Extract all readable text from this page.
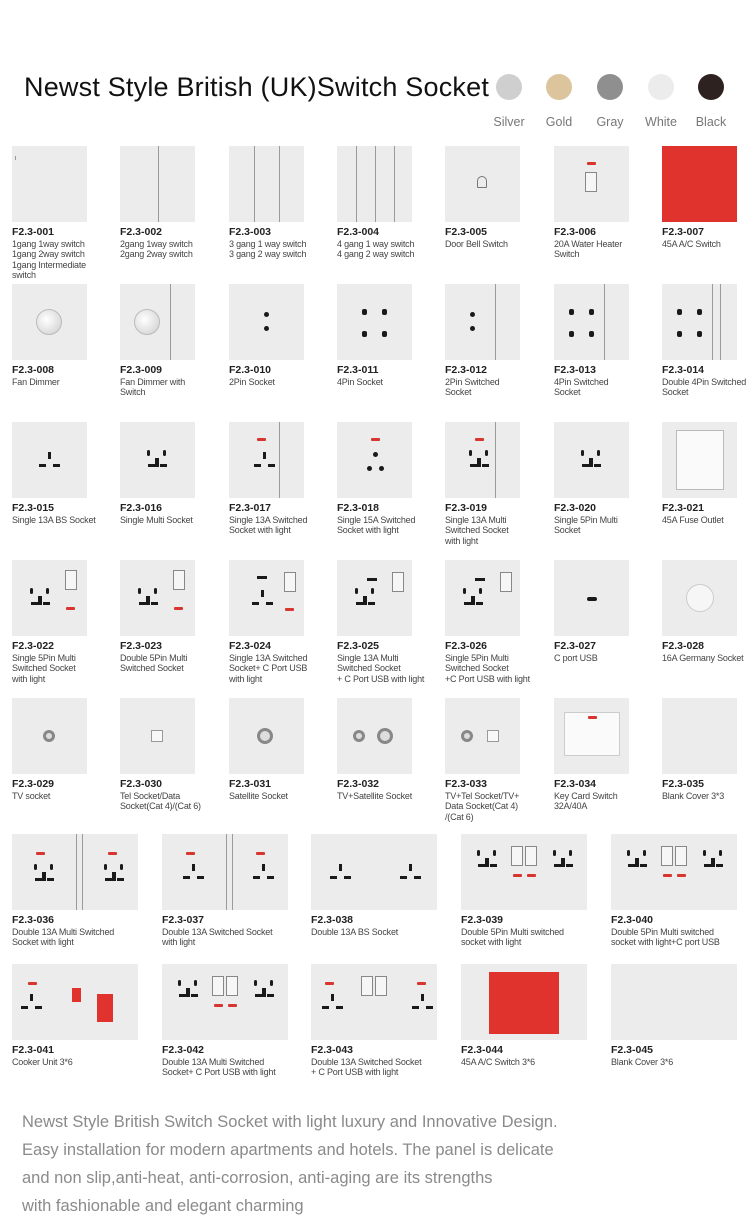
Newst Style British (UK)Switch Socket
Silver	Gold	Gray	White	Black
F2.3-001
1gang 1way switch
1gang 2way switch
1gang Intermediate
switch
F2.3-002
2gang 1way switch
2gang 2way switch
F2.3-003
3 gang 1 way switch
3 gang 2 way switch
F2.3-004
4 gang 1 way switch
4 gang 2 way switch
F2.3-005
Door Bell Switch
F2.3-006
20A Water Heater
Switch
F2.3-007
45A A/C Switch
F2.3-008
Fan Dimmer
F2.3-009
Fan Dimmer with
Switch
F2.3-010
2Pin Socket
F2.3-011
4Pin Socket
F2.3-012
2Pin Switched
Socket
F2.3-013
4Pin Switched
Socket
F2.3-014
Double 4Pin Switched
Socket
F2.3-015
Single 13A BS Socket
F2.3-016
Single Multi Socket
F2.3-017
Single 13A Switched
Socket with light
F2.3-018
Single 15A Switched
Socket with light
F2.3-019
Single 13A Multi
Switched Socket
with light
F2.3-020
Single 5Pin Multi
Socket
F2.3-021
45A Fuse Outlet
F2.3-022
Single 5Pin Multi
Switched Socket
with light
F2.3-023
Double 5Pin Multi
Switched Socket
F2.3-024
Single 13A Switched
Socket+ C Port USB
with light
F2.3-025
Single 13A Multi
Switched Socket
+ C Port USB with light
F2.3-026
Single 5Pin Multi
Switched Socket
+C Port USB with light
F2.3-027
C port USB
F2.3-028
16A Germany Socket
F2.3-029
TV socket
F2.3-030
Tel Socket/Data
Socket(Cat 4)/(Cat 6)
F2.3-031
Satellite Socket
F2.3-032
TV+Satellite Socket
F2.3-033
TV+Tel Socket/TV+
Data Socket(Cat 4)
/(Cat 6)
F2.3-034
Key Card Switch
32A/40A
F2.3-035
Blank Cover 3*3
F2.3-036
Double 13A Multi Switched
Socket with light
F2.3-037
Double 13A Switched Socket
with light
F2.3-038
Double 13A BS Socket
F2.3-039
Double 5Pin Multi switched
socket with light
F2.3-040
Double 5Pin Multi switched
socket with light+C port USB
F2.3-041
Cooker Unit 3*6
F2.3-042
Double 13A Multi Switched
Socket+ C Port USB with light
F2.3-043
Double 13A Switched Socket
+ C Port USB with light
F2.3-044
45A A/C Switch 3*6
F2.3-045
Blank Cover 3*6
Newst Style British Switch Socket with light luxury and Innovative Design.
Easy installation for modern apartments and hotels. The panel is delicate
and non slip,anti-heat, anti-corrosion, anti-aging are its strengths
with fashionable and elegant charming
